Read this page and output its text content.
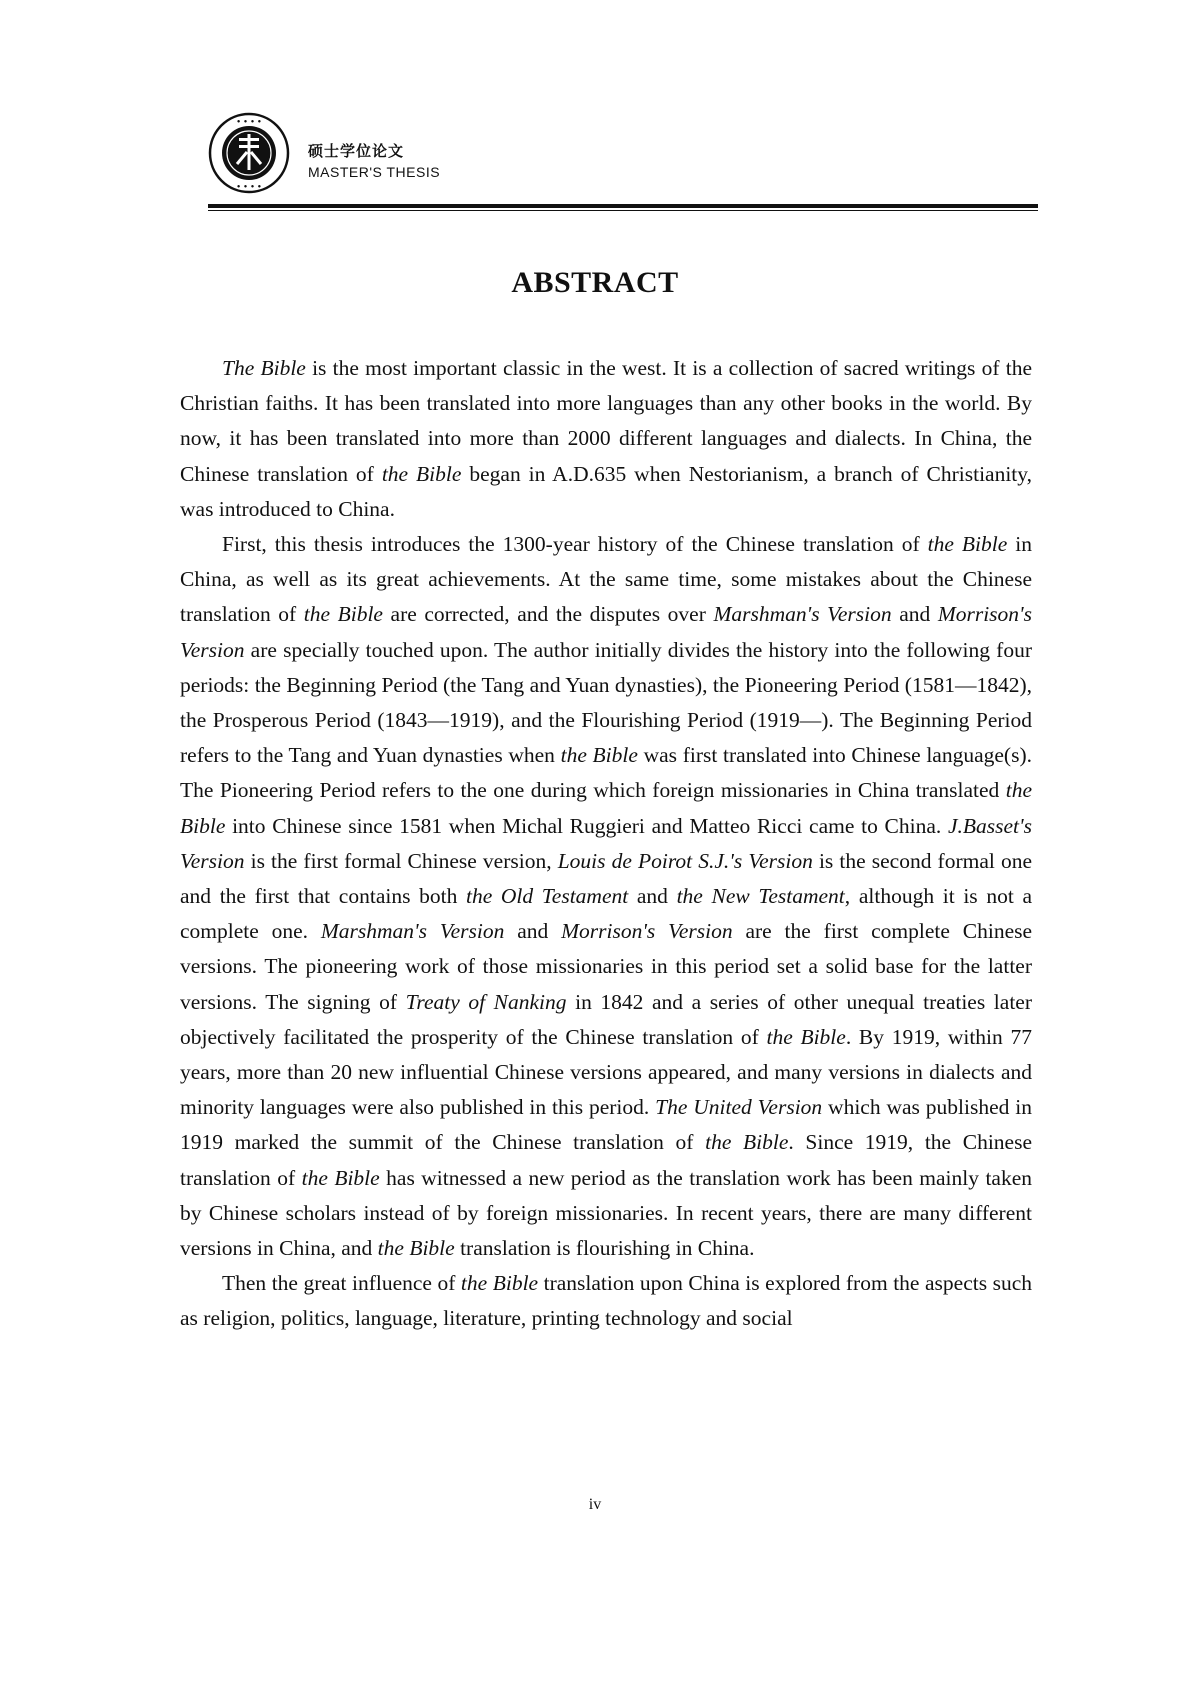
• • • •
• • • •
硕士学位论文
MASTER'S THESIS
ABSTRACT

The Bible is the most important classic in the west. It is a collection of sacred writings of the Christian faiths. It has been translated into more languages than any other books in the world. By now, it has been translated into more than 2000 different languages and dialects. In China, the Chinese translation of the Bible began in A.D.635 when Nestorianism, a branch of Christianity, was introduced to China.

First, this thesis introduces the 1300-year history of the Chinese translation of the Bible in China, as well as its great achievements. At the same time, some mistakes about the Chinese translation of the Bible are corrected, and the disputes over Marshman's Version and Morrison's Version are specially touched upon. The author initially divides the history into the following four periods: the Beginning Period (the Tang and Yuan dynasties), the Pioneering Period (1581—1842), the Prosperous Period (1843—1919), and the Flourishing Period (1919—). The Beginning Period refers to the Tang and Yuan dynasties when the Bible was first translated into Chinese language(s). The Pioneering Period refers to the one during which foreign missionaries in China translated the Bible into Chinese since 1581 when Michal Ruggieri and Matteo Ricci came to China. J.Basset's Version is the first formal Chinese version, Louis de Poirot S.J.'s Version is the second formal one and the first that contains both the Old Testament and the New Testament, although it is not a complete one. Marshman's Version and Morrison's Version are the first complete Chinese versions. The pioneering work of those missionaries in this period set a solid base for the latter versions. The signing of Treaty of Nanking in 1842 and a series of other unequal treaties later objectively facilitated the prosperity of the Chinese translation of the Bible. By 1919, within 77 years, more than 20 new influential Chinese versions appeared, and many versions in dialects and minority languages were also published in this period. The United Version which was published in 1919 marked the summit of the Chinese translation of the Bible. Since 1919, the Chinese translation of the Bible has witnessed a new period as the translation work has been mainly taken by Chinese scholars instead of by foreign missionaries. In recent years, there are many different versions in China, and the Bible translation is flourishing in China.

Then the great influence of the Bible translation upon China is explored from the aspects such as religion, politics, language, literature, printing technology and social

iv
